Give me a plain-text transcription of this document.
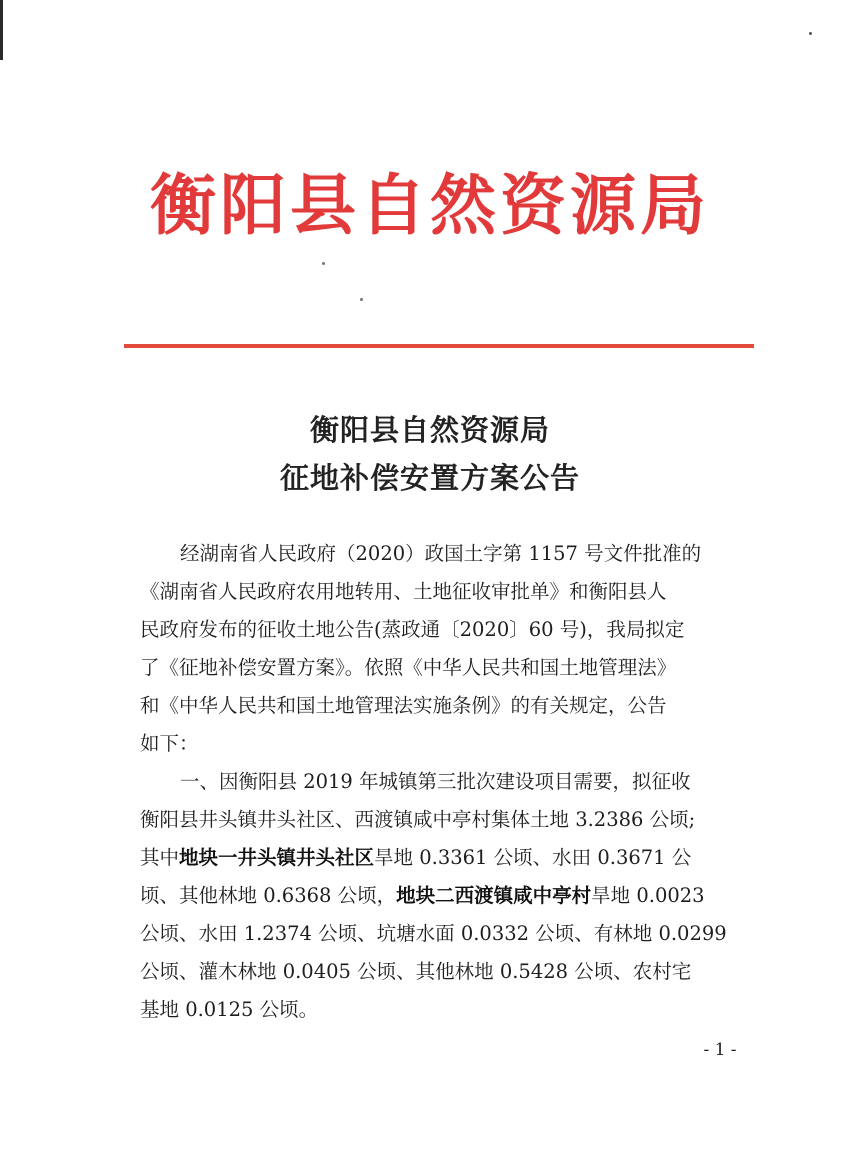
衡阳县自然资源局
衡阳县自然资源局
征地补偿安置方案公告
经湖南省人民政府（2020）政国土字第 1157 号文件批准的
《湖南省人民政府农用地转用、土地征收审批单》和衡阳县人
民政府发布的征收土地公告(蒸政通〔2020〕60 号)，我局拟定
了《征地补偿安置方案》。依照《中华人民共和国土地管理法》
和《中华人民共和国土地管理法实施条例》的有关规定，公告
如下：
一、因衡阳县 2019 年城镇第三批次建设项目需要，拟征收
衡阳县井头镇井头社区、西渡镇咸中亭村集体土地 3.2386 公顷;
其中地块一井头镇井头社区旱地 0.3361 公顷、水田 0.3671 公
顷、其他林地 0.6368 公顷，地块二西渡镇咸中亭村旱地 0.0023
公顷、水田 1.2374 公顷、坑塘水面 0.0332 公顷、有林地 0.0299
公顷、灌木林地 0.0405 公顷、其他林地 0.5428 公顷、农村宅
基地 0.0125 公顷。
- 1 -
